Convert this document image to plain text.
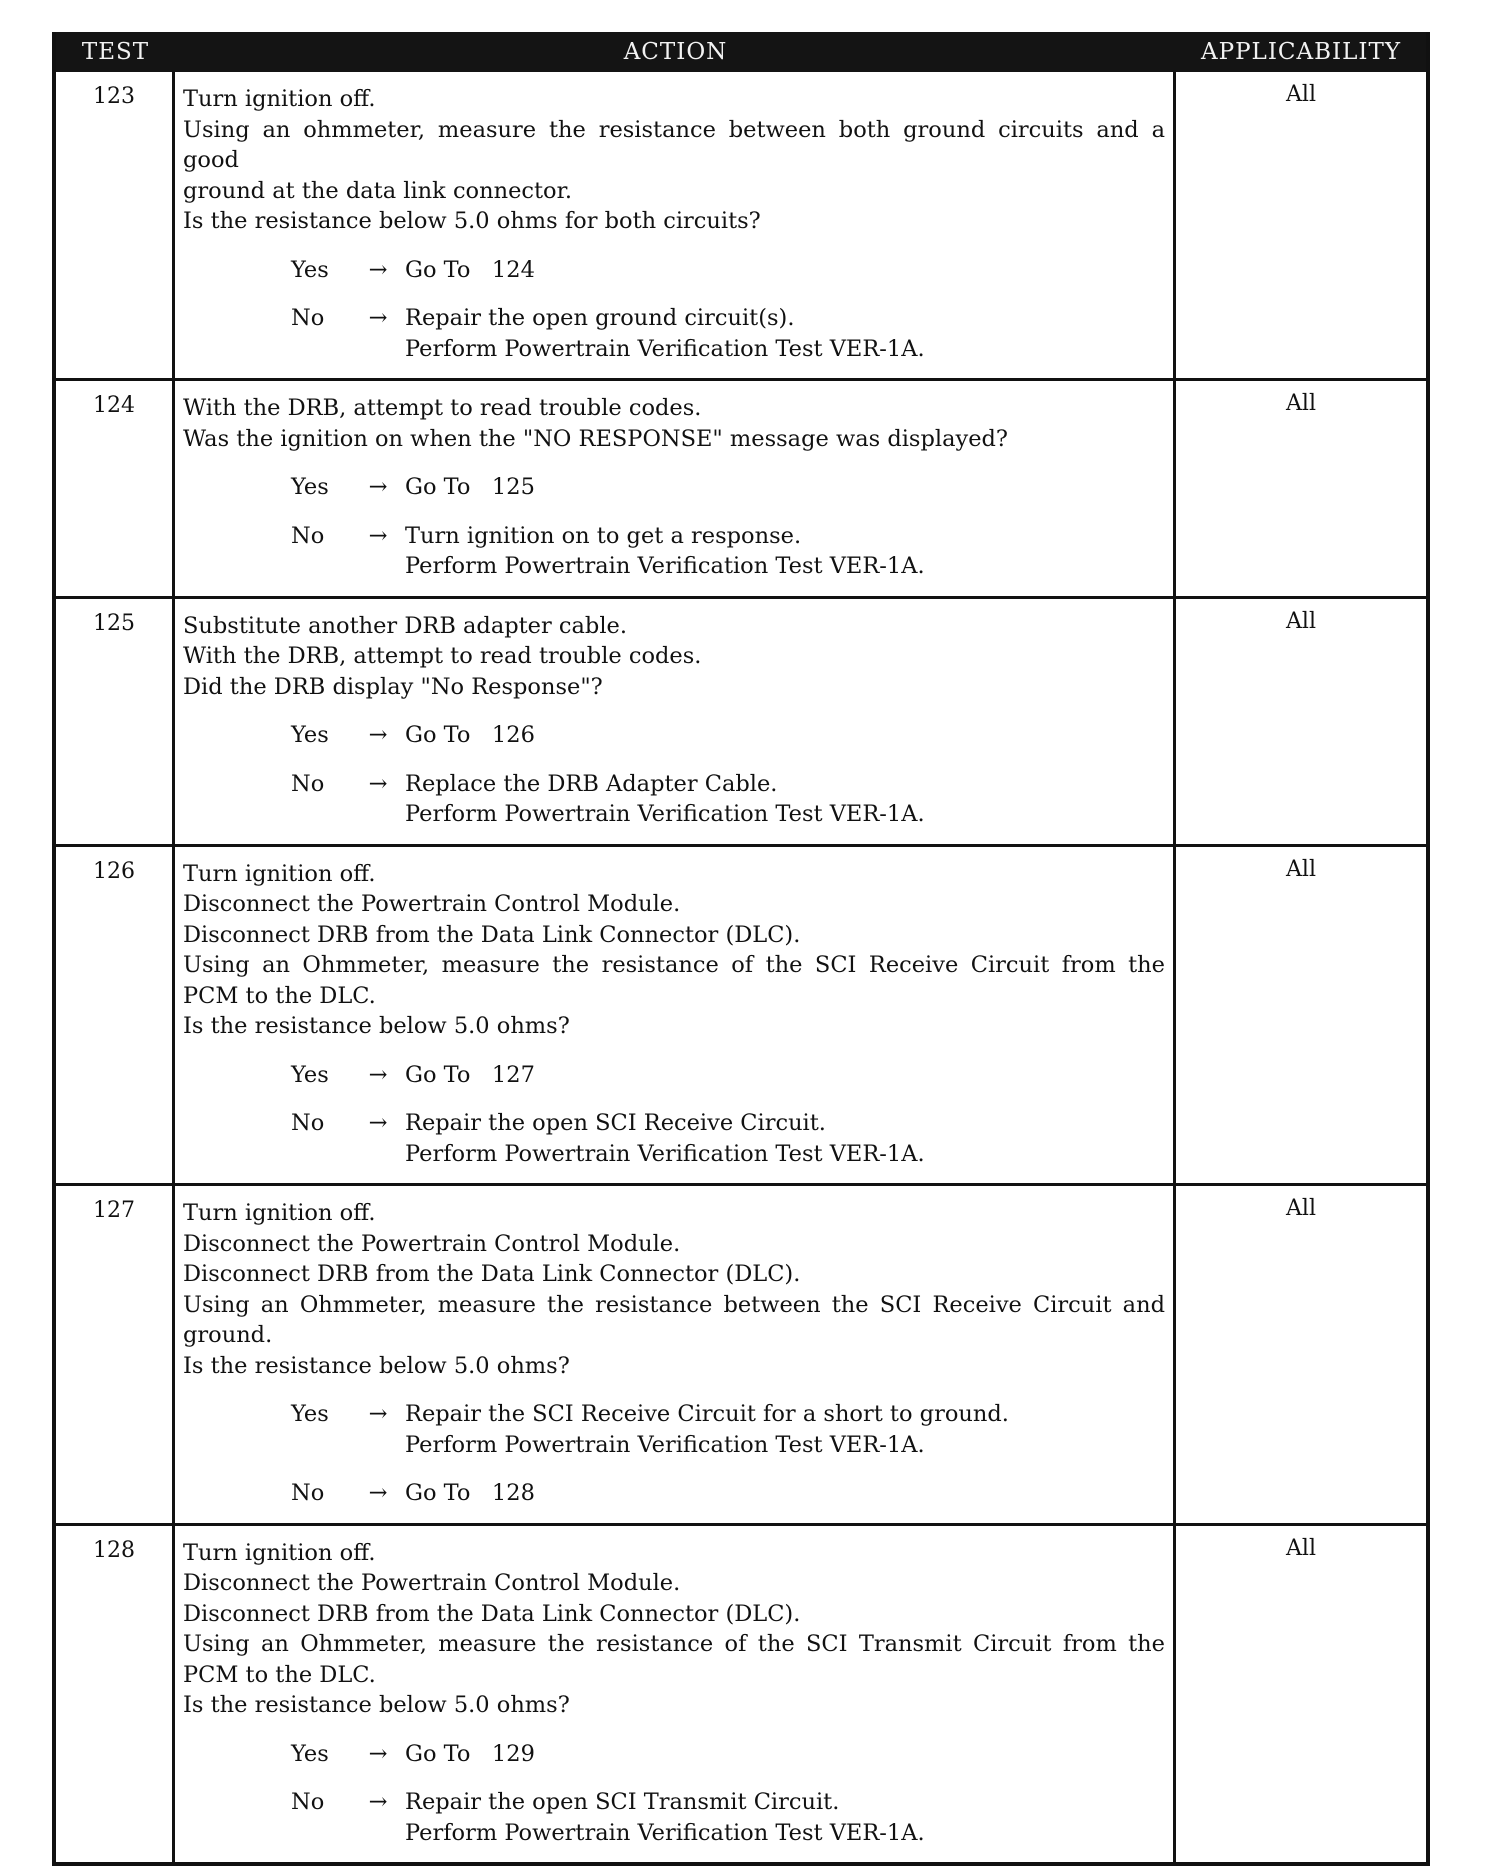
TEST	ACTION	APPLICABILITY
123	Turn ignition off.
Using an ohmmeter, measure the resistance between both ground circuits and a good
ground at the data link connector.
Is the resistance below 5.0 ohms for both circuits?
Yes	→ Go To   124
No	→ Repair the open ground circuit(s).
Perform Powertrain Verification Test VER-1A.
All
124	With the DRB, attempt to read trouble codes.
Was the ignition on when the "NO RESPONSE" message was displayed?
Yes	→ Go To   125
No	→ Turn ignition on to get a response.
Perform Powertrain Verification Test VER-1A.
All
125	Substitute another DRB adapter cable.
With the DRB, attempt to read trouble codes.
Did the DRB display "No Response"?
Yes	→ Go To   126
No	→ Replace the DRB Adapter Cable.
Perform Powertrain Verification Test VER-1A.
All
126	Turn ignition off.
Disconnect the Powertrain Control Module.
Disconnect DRB from the Data Link Connector (DLC).
Using an Ohmmeter, measure the resistance of the SCI Receive Circuit from the
PCM to the DLC.
Is the resistance below 5.0 ohms?
Yes	→ Go To   127
No	→ Repair the open SCI Receive Circuit.
Perform Powertrain Verification Test VER-1A.
All
127	Turn ignition off.
Disconnect the Powertrain Control Module.
Disconnect DRB from the Data Link Connector (DLC).
Using an Ohmmeter, measure the resistance between the SCI Receive Circuit and
ground.
Is the resistance below 5.0 ohms?
Yes	→ Repair the SCI Receive Circuit for a short to ground.
Perform Powertrain Verification Test VER-1A.
No	→ Go To   128
All
128	Turn ignition off.
Disconnect the Powertrain Control Module.
Disconnect DRB from the Data Link Connector (DLC).
Using an Ohmmeter, measure the resistance of the SCI Transmit Circuit from the
PCM to the DLC.
Is the resistance below 5.0 ohms?
Yes	→ Go To   129
No	→ Repair the open SCI Transmit Circuit.
Perform Powertrain Verification Test VER-1A.
All
